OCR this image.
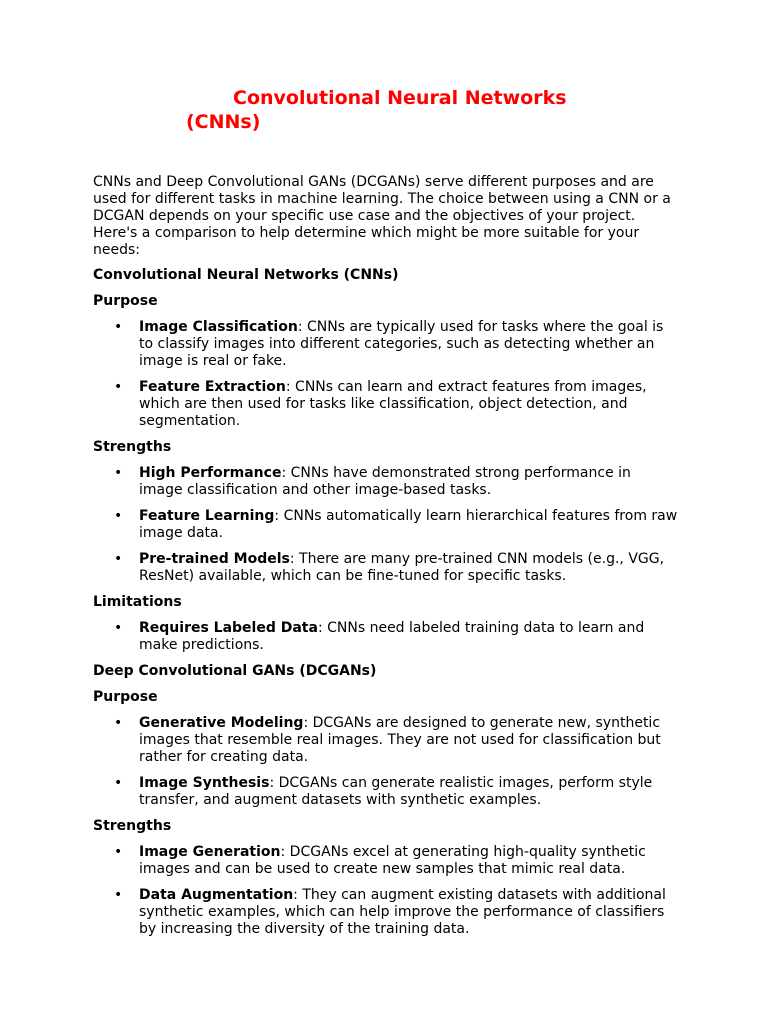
Convolutional Neural Networks
(CNNs)

CNNs and Deep Convolutional GANs (DCGANs) serve different purposes and are used for different tasks in machine learning. The choice between using a CNN or a DCGAN depends on your specific use case and the objectives of your project. Here's a comparison to help determine which might be more suitable for your needs:

Convolutional Neural Networks (CNNs)
Purpose
• Image Classification: CNNs are typically used for tasks where the goal is to classify images into different categories, such as detecting whether an image is real or fake.
• Feature Extraction: CNNs can learn and extract features from images, which are then used for tasks like classification, object detection, and segmentation.
Strengths
• High Performance: CNNs have demonstrated strong performance in image classification and other image-based tasks.
• Feature Learning: CNNs automatically learn hierarchical features from raw image data.
• Pre-trained Models: There are many pre-trained CNN models (e.g., VGG, ResNet) available, which can be fine-tuned for specific tasks.
Limitations
• Requires Labeled Data: CNNs need labeled training data to learn and make predictions.
Deep Convolutional GANs (DCGANs)
Purpose
• Generative Modeling: DCGANs are designed to generate new, synthetic images that resemble real images. They are not used for classification but rather for creating data.
• Image Synthesis: DCGANs can generate realistic images, perform style transfer, and augment datasets with synthetic examples.
Strengths
• Image Generation: DCGANs excel at generating high-quality synthetic images and can be used to create new samples that mimic real data.
• Data Augmentation: They can augment existing datasets with additional synthetic examples, which can help improve the performance of classifiers by increasing the diversity of the training data.
